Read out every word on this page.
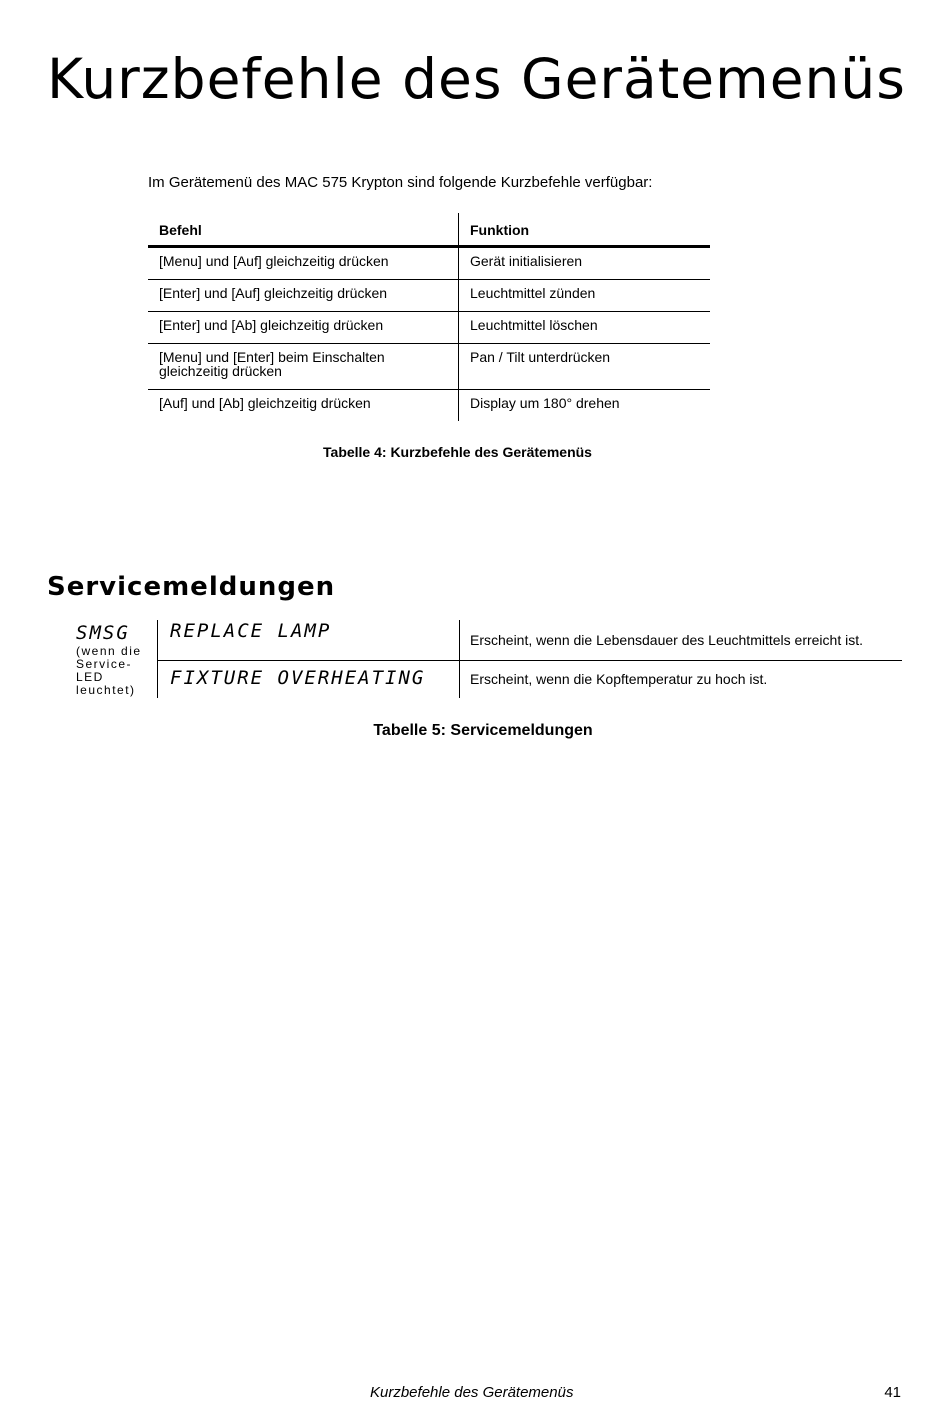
Kurzbefehle des Gerätemenüs

Im Gerätemenü des MAC 575 Krypton sind folgende Kurzbefehle verfügbar:

Befehl	Funktion
[Menu] und [Auf] gleichzeitig drücken	Gerät initialisieren
[Enter] und [Auf] gleichzeitig drücken	Leuchtmittel zünden
[Enter] und [Ab] gleichzeitig drücken	Leuchtmittel löschen
[Menu] und [Enter] beim Einschalten gleichzeitig drücken	Pan / Tilt unterdrücken
[Auf] und [Ab] gleichzeitig drücken	Display um 180° drehen

Tabelle 4: Kurzbefehle des Gerätemenüs

Servicemeldungen
SMSG
(wenn die Service-LED leuchtet)
REPLACE LAMP	Erscheint, wenn die Lebensdauer des Leuchtmittels erreicht ist.
FIXTURE OVERHEATING	Erscheint, wenn die Kopftemperatur zu hoch ist.

Tabelle 5: Servicemeldungen

Kurzbefehle des Gerätemenüs	41
